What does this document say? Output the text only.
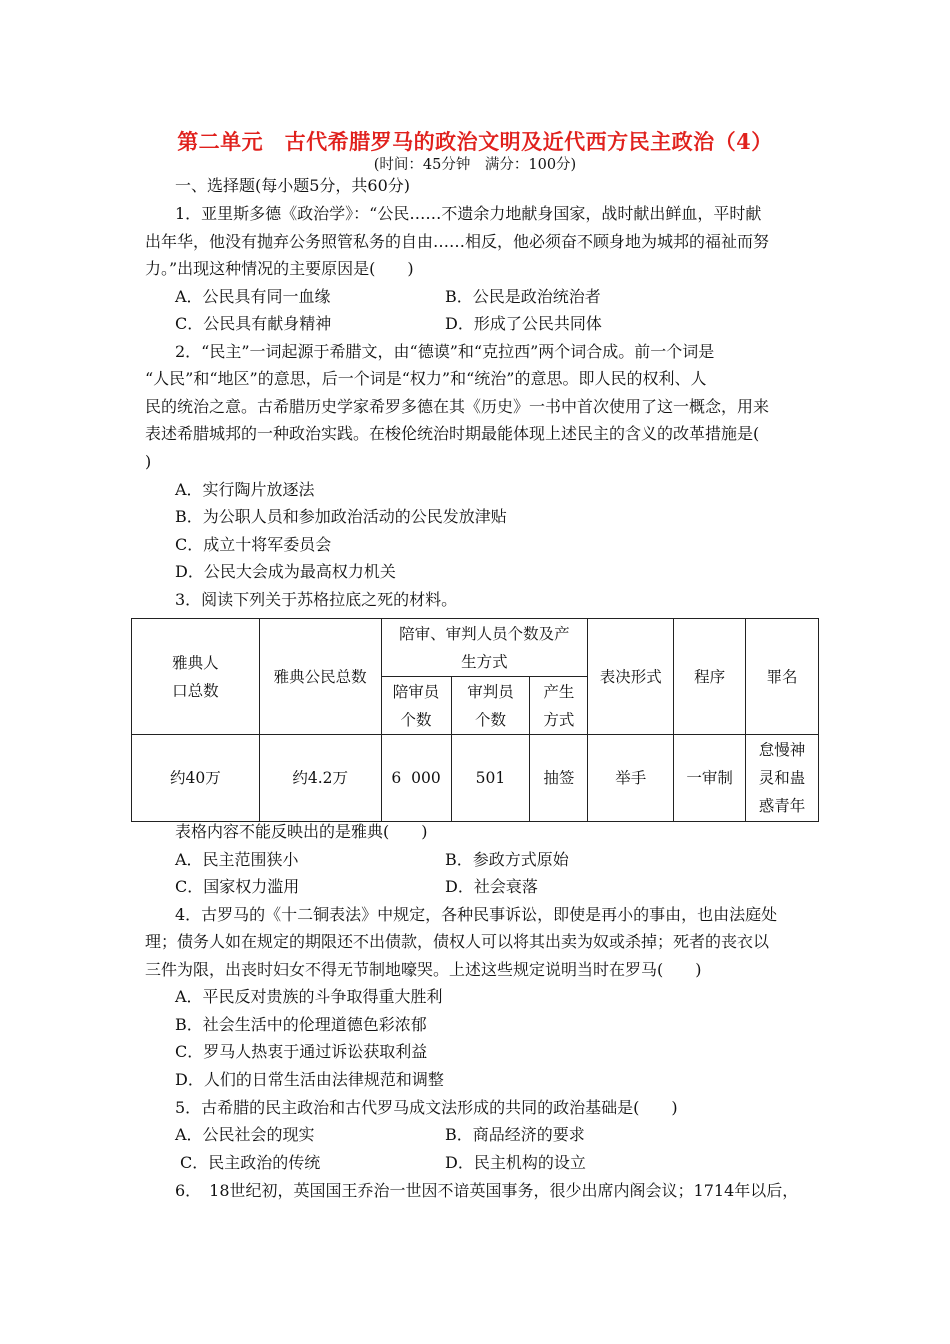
第二单元　古代希腊罗马的政治文明及近代西方民主政治（4）
(时间：45分钟　满分：100分)
一、选择题(每小题5分，共60分)
1．亚里斯多德《政治学》：“公民……不遗余力地献身国家，战时献出鲜血，平时献
出年华，他没有抛弃公务照管私务的自由……相反，他必须奋不顾身地为城邦的福祉而努
力。”出现这种情况的主要原因是(　　)
A．公民具有同一血缘	B．公民是政治统治者
C．公民具有献身精神	D．形成了公民共同体
2．“民主”一词起源于希腊文，由“德谟”和“克拉西”两个词合成。前一个词是
“人民”和“地区”的意思，后一个词是“权力”和“统治”的意思。即人民的权利、人
民的统治之意。古希腊历史学家希罗多德在其《历史》一书中首次使用了这一概念，用来
表述希腊城邦的一种政治实践。在梭伦统治时期最能体现上述民主的含义的改革措施是(
)
A．实行陶片放逐法
B．为公职人员和参加政治活动的公民发放津贴
C．成立十将军委员会
D．公民大会成为最高权力机关
3．阅读下列关于苏格拉底之死的材料。
雅典人
口总数	雅典公民总数	陪审、审判人员个数及产
生方式			表决形式	程序	罪名
		陪审员
个数	审判员
个数	产生
方式			
约40万	约4.2万	6  000	501	抽签	举手	一审制	怠慢神
灵和蛊
惑青年
表格内容不能反映出的是雅典(　　)
A．民主范围狭小	B．参政方式原始
C．国家权力滥用	D．社会衰落
4．古罗马的《十二铜表法》中规定，各种民事诉讼，即使是再小的事由，也由法庭处
理；债务人如在规定的期限还不出债款，债权人可以将其出卖为奴或杀掉；死者的丧衣以
三件为限，出丧时妇女不得无节制地嚎哭。上述这些规定说明当时在罗马(　　)
A．平民反对贵族的斗争取得重大胜利
B．社会生活中的伦理道德色彩浓郁
C．罗马人热衷于通过诉讼获取利益
D．人们的日常生活由法律规范和调整
5．古希腊的民主政治和古代罗马成文法形成的共同的政治基础是(　　)
A．公民社会的现实	B．商品经济的要求
C．民主政治的传统	D．民主机构的设立
6．　18世纪初，英国国王乔治一世因不谙英国事务，很少出席内阁会议；1714年以后，
